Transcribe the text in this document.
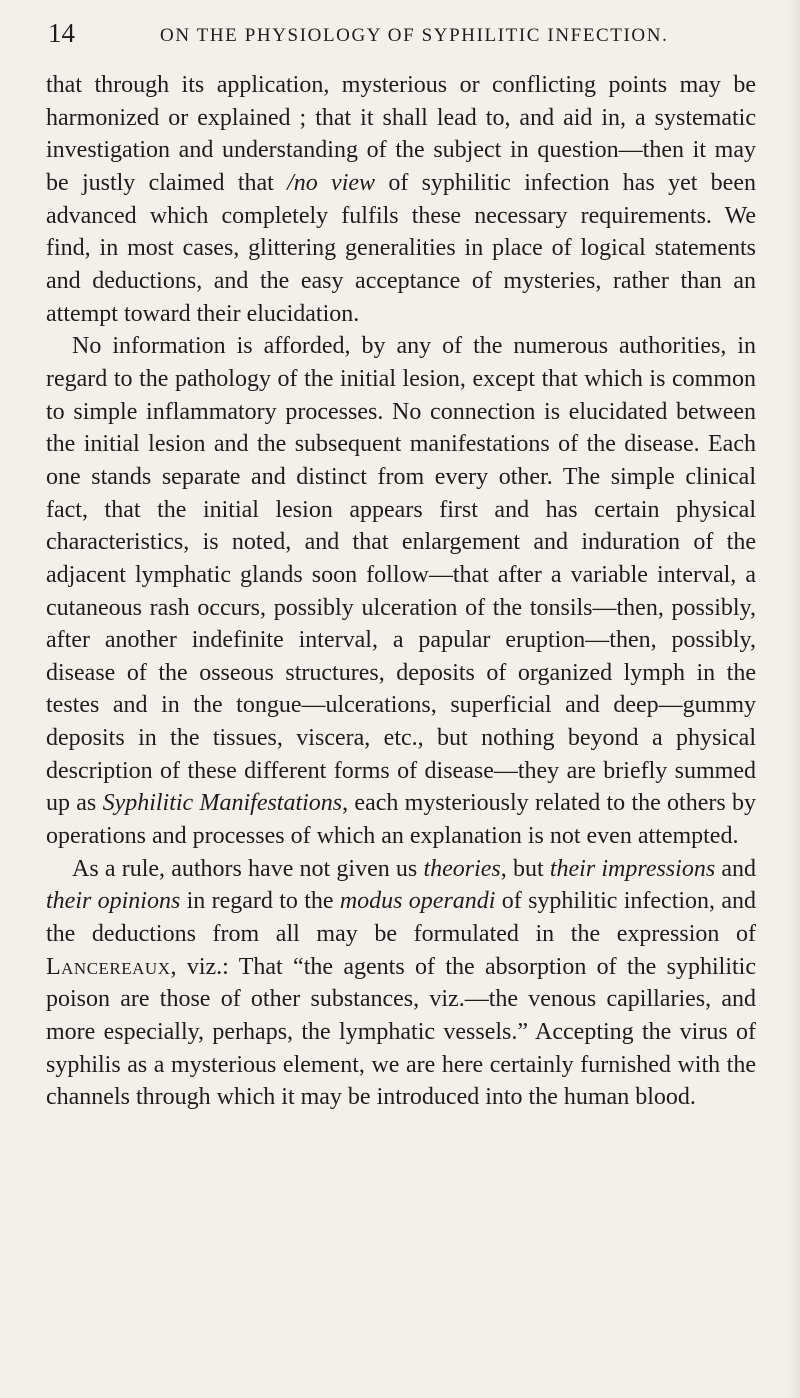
14	ON THE PHYSIOLOGY OF SYPHILITIC INFECTION.

that through its application, mysterious or conflicting points may be harmonized or explained ; that it shall lead to, and aid in, a systematic investigation and understanding of the subject in question—then it may be justly claimed that /no view of syphilitic infection has yet been advanced which completely fulfils these necessary requirements. We find, in most cases, glittering generalities in place of logical statements and deductions, and the easy acceptance of mysteries, rather than an attempt toward their elucidation.

No information is afforded, by any of the numerous authorities, in regard to the pathology of the initial lesion, except that which is common to simple inflammatory processes. No connection is elucidated between the initial lesion and the subsequent manifestations of the disease. Each one stands separate and distinct from every other. The simple clinical fact, that the initial lesion appears first and has certain physical characteristics, is noted, and that enlargement and induration of the adjacent lymphatic glands soon follow—that after a variable interval, a cutaneous rash occurs, possibly ulceration of the tonsils—then, possibly, after another indefinite interval, a papular eruption—then, possibly, disease of the osseous structures, deposits of organized lymph in the testes and in the tongue—ulcerations, superficial and deep—gummy deposits in the tissues, viscera, etc., but nothing beyond a physical description of these different forms of disease—they are briefly summed up as Syphilitic Manifestations, each mysteriously related to the others by operations and processes of which an explanation is not even attempted.

As a rule, authors have not given us theories, but their impressions and their opinions in regard to the modus operandi of syphilitic infection, and the deductions from all may be formulated in the expression of Lancereaux, viz.: That “the agents of the absorption of the syphilitic poison are those of other substances, viz.—the venous capillaries, and more especially, perhaps, the lymphatic vessels.” Accepting the virus of syphilis as a mysterious element, we are here certainly furnished with the channels through which it may be introduced into the human blood.
